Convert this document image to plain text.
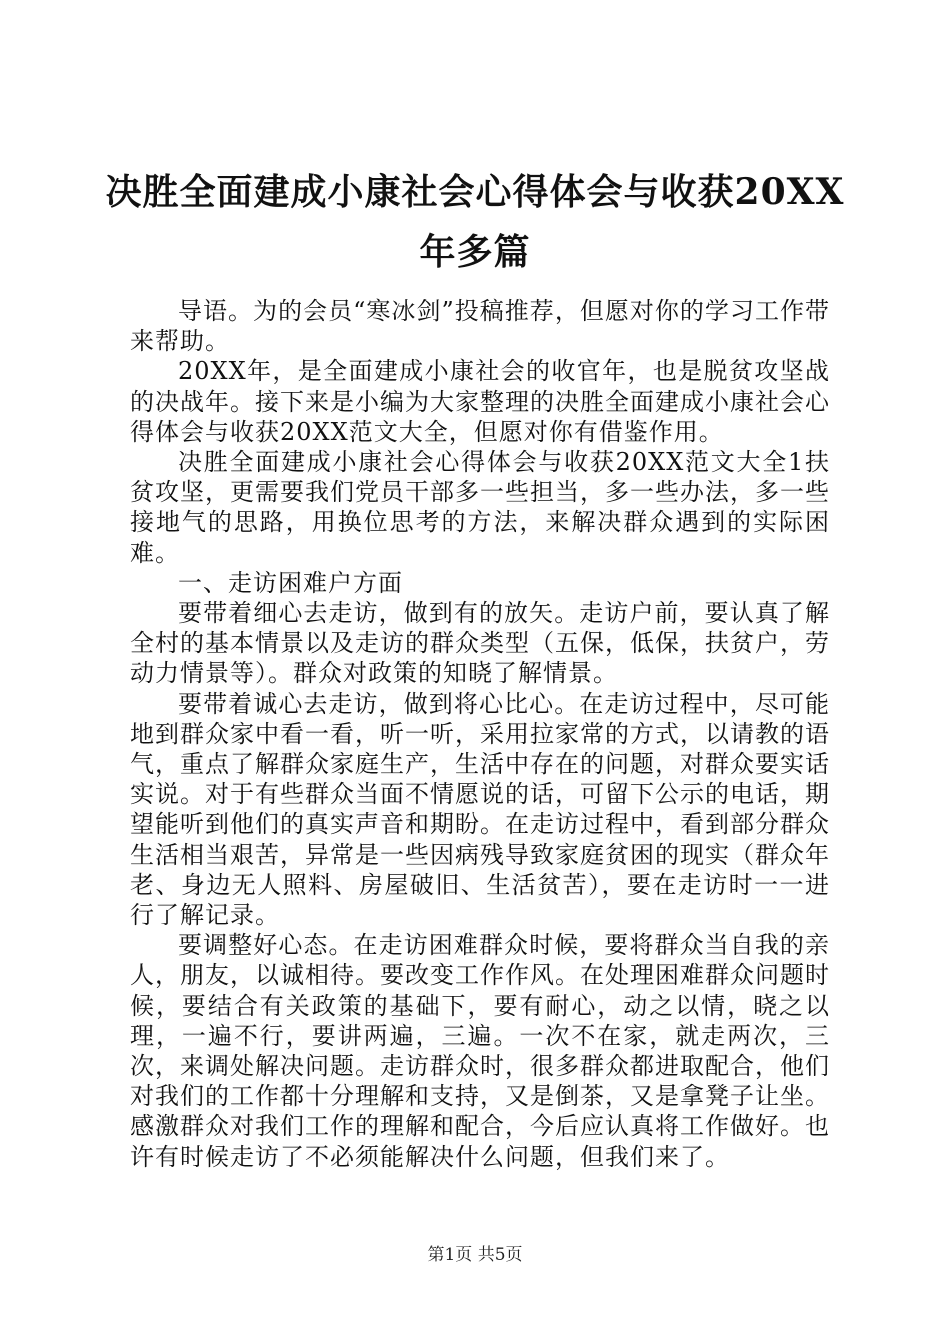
决胜全面建成小康社会心得体会与收获20XX
年多篇

导语。为的会员“寒冰剑”投稿推荐，但愿对你的学习工作带来帮助。

20XX年，是全面建成小康社会的收官年，也是脱贫攻坚战的决战年。接下来是小编为大家整理的决胜全面建成小康社会心得体会与收获20XX范文大全，但愿对你有借鉴作用。

决胜全面建成小康社会心得体会与收获20XX范文大全1扶贫攻坚，更需要我们党员干部多一些担当，多一些办法，多一些接地气的思路，用换位思考的方法，来解决群众遇到的实际困难。

一、走访困难户方面

要带着细心去走访，做到有的放矢。走访户前，要认真了解全村的基本情景以及走访的群众类型（五保，低保，扶贫户，劳动力情景等）。群众对政策的知晓了解情景。

要带着诚心去走访，做到将心比心。在走访过程中，尽可能地到群众家中看一看，听一听，采用拉家常的方式，以请教的语气，重点了解群众家庭生产，生活中存在的问题，对群众要实话实说。对于有些群众当面不情愿说的话，可留下公示的电话，期望能听到他们的真实声音和期盼。在走访过程中，看到部分群众生活相当艰苦，异常是一些因病残导致家庭贫困的现实（群众年老、身边无人照料、房屋破旧、生活贫苦），要在走访时一一进行了解记录。

要调整好心态。在走访困难群众时候，要将群众当自我的亲人，朋友，以诚相待。要改变工作作风。在处理困难群众问题时候，要结合有关政策的基础下，要有耐心，动之以情，晓之以理，一遍不行，要讲两遍，三遍。一次不在家，就走两次，三次，来调处解决问题。走访群众时，很多群众都进取配合，他们对我们的工作都十分理解和支持，又是倒茶，又是拿凳子让坐。感激群众对我们工作的理解和配合，今后应认真将工作做好。也许有时候走访了不必须能解决什么问题，但我们来了。

第1页 共5页
